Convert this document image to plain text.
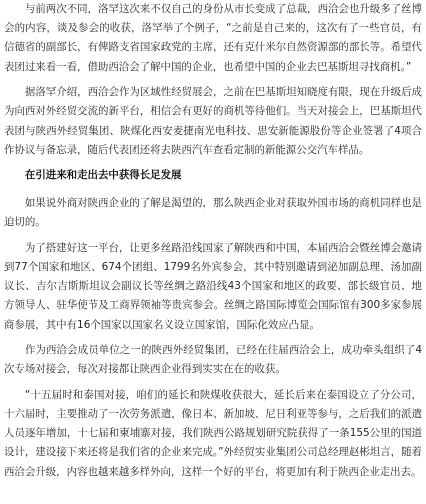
与前两次不同，洛罕这次来不仅自己的身份从市长变成了总裁，西洽会也升级多了丝博会的内容，谈及参会的收获，洛罕举了个例子，“之前是自己来的，这次有了一些官员，有信德省的副部长，有俾路支省国家政党的主席，还有克什米尔自然资源部的部长等。希望代表团过来看一看，借助西洽会了解中国的企业，也希望中国的企业去巴基斯坦寻找商机。”

据洛罕介绍，西洽会作为区域性经贸展会，之前在巴基斯坦知晓度有限，现在升级后成为向西对外经贸交流的新平台，相信会有更好的商机等待他们。当天对接会上，巴基斯坦代表团与陕西外经贸集团、陕煤化西安麦捷南光电科技、思安新能源股份等企业签署了4项合作协议与备忘录，随后代表团还将去陕西汽车查看定制的新能源公交汽车样品。

在引进来和走出去中获得长足发展

如果说外商对陕西企业的了解是渴望的，那么陕西企业对获取外国市场的商机同样也是迫切的。

为了搭建好这一平台，让更多丝路沿线国家了解陕西和中国，本届西洽会暨丝博会邀请到77个国家和地区、674个团组、1799名外宾参会，其中特别邀请到泌加副总理、汤加副议长、吉尔吉斯斯坦议会副议长等丝绸之路沿线43个国家和地区的政要、部长级官员、地方领导人、驻华使节及工商界领袖等贵宾参会。丝绸之路国际博览会国际馆有300多家参展商参展，其中有16个国家以国家名义设立国家馆，国际化效应凸显。

作为西洽会成员单位之一的陕西外经贸集团，已经在往届西洽会上，成功牵头组织了4次专场对接会，每次对接都让陕西企业得到实实在在的收获。

“十五届时和泰国对接，咱们的延长和陕煤收获很大，延长后来在泰国设立了分公司，十六届时，主要推动了一次劳务派遣，像日本、新加坡、尼日利亚等参与，之后我们的派遣人员逐年增加，十七届和柬埔寨对接，我们陕西公路规划研究院获得了一条155公里的国道设计，建设接下来还将是我们省的企业来完成。”外经贸实业集团公司总经理赵彬坦言，随着西洽会升级，内容也越来越多样外向，这样一个好的平台，将更加有利于陕西企业走出去。
